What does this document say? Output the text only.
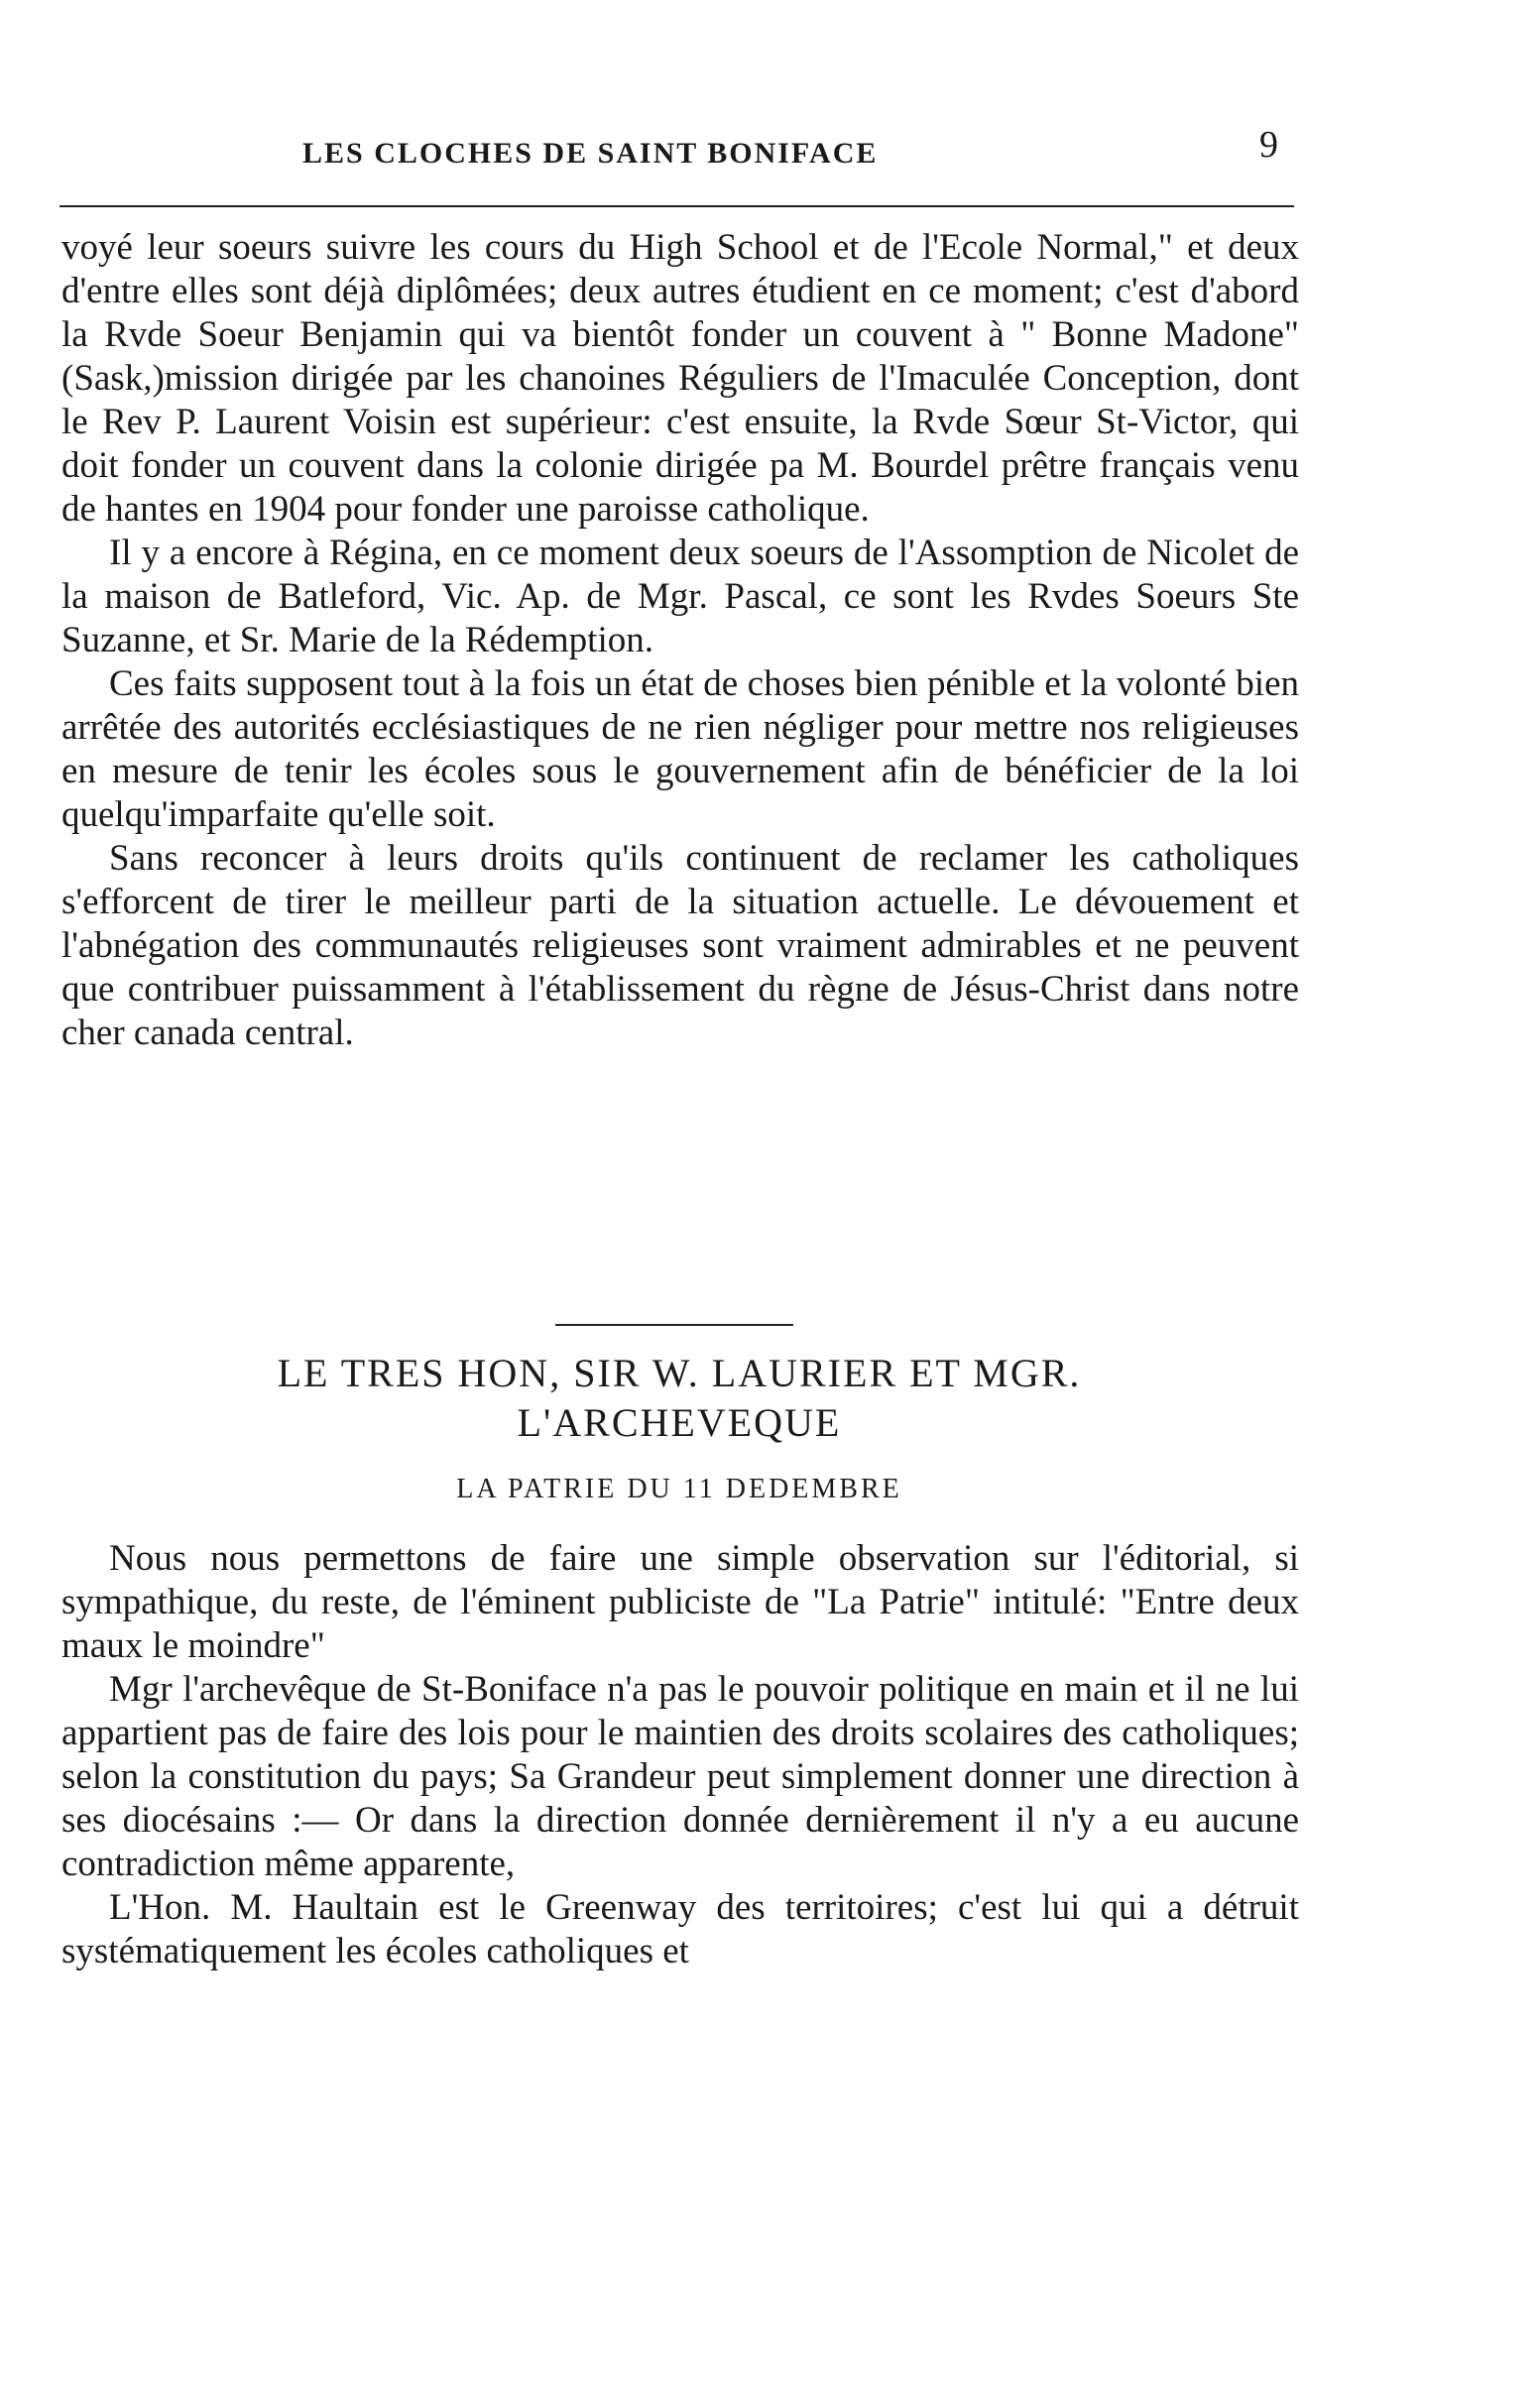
LES CLOCHES DE SAINT BONIFACE	9

voyé leur soeurs suivre les cours du High School et de l'Ecole Normal," et deux d'entre elles sont déjà diplômées; deux autres étudient en ce moment; c'est d'abord la Rvde Soeur Benjamin qui va bientôt fonder un couvent à " Bonne Madone" (Sask,)mission dirigée par les chanoines Réguliers de l'Imaculée Conception, dont le Rev P. Laurent Voisin est supérieur: c'est ensuite, la Rvde Sœur St-Victor, qui doit fonder un couvent dans la colonie dirigée pa M. Bourdel prêtre français venu de hantes en 1904 pour fonder une paroisse catholique.

Il y a encore à Régina, en ce moment deux soeurs de l'Assomption de Nicolet de la maison de Batleford, Vic. Ap. de Mgr. Pascal, ce sont les Rvdes Soeurs Ste Suzanne, et Sr. Marie de la Rédemption.

Ces faits supposent tout à la fois un état de choses bien pénible et la volonté bien arrêtée des autorités ecclésiastiques de ne rien négliger pour mettre nos religieuses en mesure de tenir les écoles sous le gouvernement afin de bénéficier de la loi quelqu'imparfaite qu'elle soit.

Sans reconcer à leurs droits qu'ils continuent de reclamer les catholiques s'efforcent de tirer le meilleur parti de la situation actuelle. Le dévouement et l'abnégation des communautés religieuses sont vraiment admirables et ne peuvent que contribuer puissamment à l'établissement du règne de Jésus-Christ dans notre cher canada central.

LE TRES HON, SIR W. LAURIER ET MGR.
L'ARCHEVEQUE
LA PATRIE DU 11 DEDEMBRE

Nous nous permettons de faire une simple observation sur l'éditorial, si sympathique, du reste, de l'éminent publiciste de "La Patrie" intitulé: "Entre deux maux le moindre"

Mgr l'archevêque de St-Boniface n'a pas le pouvoir politique en main et il ne lui appartient pas de faire des lois pour le maintien des droits scolaires des catholiques; selon la constitution du pays; Sa Grandeur peut simplement donner une direction à ses diocésains :— Or dans la direction donnée dernièrement il n'y a eu aucune contradiction même apparente,

L'Hon. M. Haultain est le Greenway des territoires; c'est lui qui a détruit systématiquement les écoles catholiques et
